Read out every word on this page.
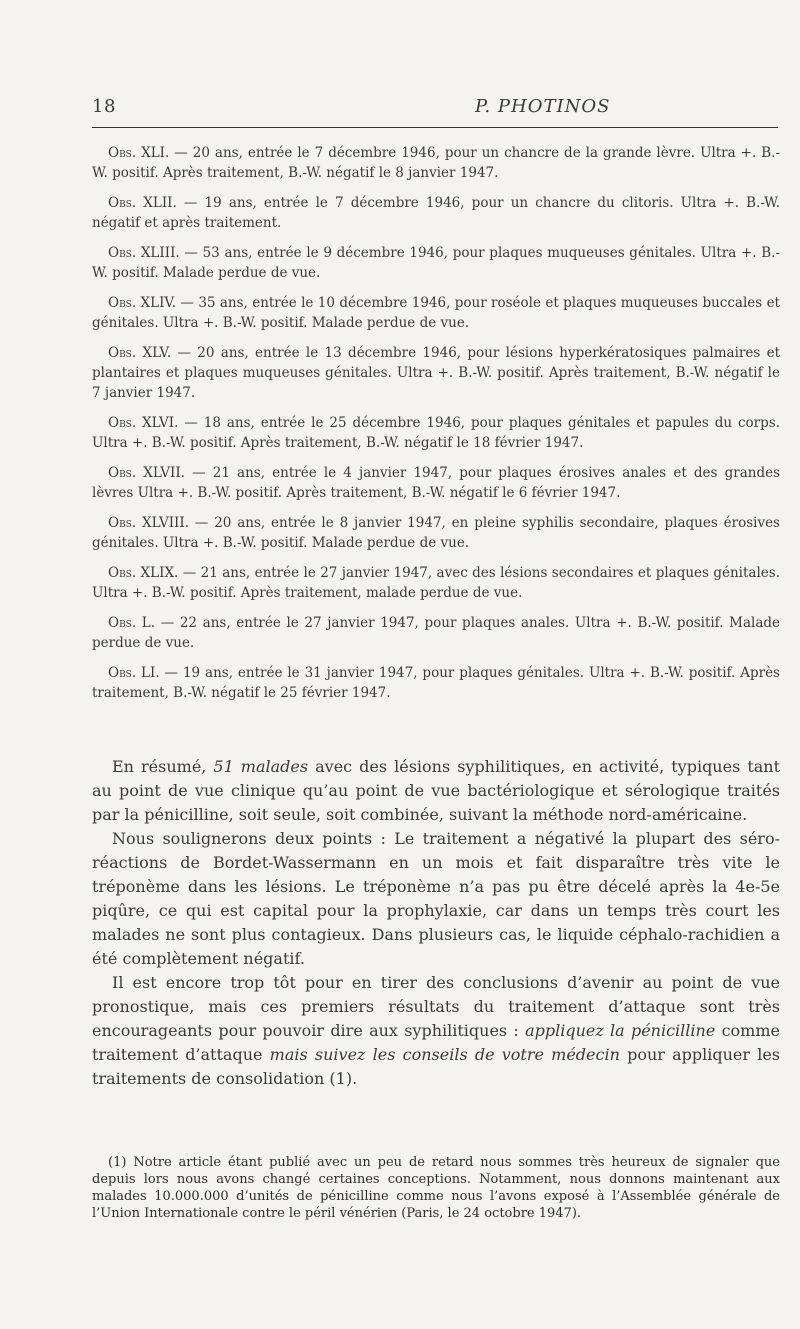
18	P. PHOTINOS

Obs. XLI. — 20 ans, entrée le 7 décembre 1946, pour un chancre de la grande lèvre. Ultra +. B.-W. positif. Après traitement, B.-W. négatif le 8 janvier 1947.

Obs. XLII. — 19 ans, entrée le 7 décembre 1946, pour un chancre du clitoris. Ultra +. B.-W. négatif et après traitement.

Obs. XLIII. — 53 ans, entrée le 9 décembre 1946, pour plaques muqueuses génitales. Ultra +. B.-W. positif. Malade perdue de vue.

Obs. XLIV. — 35 ans, entrée le 10 décembre 1946, pour roséole et plaques muqueuses buccales et génitales. Ultra +. B.-W. positif. Malade perdue de vue.

Obs. XLV. — 20 ans, entrée le 13 décembre 1946, pour lésions hyperkératosiques palmaires et plantaires et plaques muqueuses génitales. Ultra +. B.-W. positif. Après traitement, B.-W. négatif le 7 janvier 1947.

Obs. XLVI. — 18 ans, entrée le 25 décembre 1946, pour plaques génitales et papules du corps. Ultra +. B.-W. positif. Après traitement, B.-W. négatif le 18 février 1947.

Obs. XLVII. — 21 ans, entrée le 4 janvier 1947, pour plaques érosives anales et des grandes lèvres Ultra +. B.-W. positif. Après traitement, B.-W. négatif le 6 février 1947.

Obs. XLVIII. — 20 ans, entrée le 8 janvier 1947, en pleine syphilis secondaire, plaques érosives génitales. Ultra +. B.-W. positif. Malade perdue de vue.

Obs. XLIX. — 21 ans, entrée le 27 janvier 1947, avec des lésions secondaires et plaques génitales. Ultra +. B.-W. positif. Après traitement, malade perdue de vue.

Obs. L. — 22 ans, entrée le 27 janvier 1947, pour plaques anales. Ultra +. B.-W. positif. Malade perdue de vue.

Obs. LI. — 19 ans, entrée le 31 janvier 1947, pour plaques génitales. Ultra +. B.-W. positif. Après traitement, B.-W. négatif le 25 février 1947.

En résumé, 51 malades avec des lésions syphilitiques, en activité, typiques tant au point de vue clinique qu’au point de vue bactériologique et sérologique traités par la pénicilline, soit seule, soit combinée, suivant la méthode nord-américaine.

Nous soulignerons deux points : Le traitement a négativé la plupart des séro-réactions de Bordet-Wassermann en un mois et fait disparaître très vite le tréponème dans les lésions. Le tréponème n’a pas pu être décelé après la 4e-5e piqûre, ce qui est capital pour la prophylaxie, car dans un temps très court les malades ne sont plus contagieux. Dans plusieurs cas, le liquide céphalo-rachidien a été complètement négatif.

Il est encore trop tôt pour en tirer des conclusions d’avenir au point de vue pronostique, mais ces premiers résultats du traitement d’attaque sont très encourageants pour pouvoir dire aux syphilitiques : appliquez la pénicilline comme traitement d’attaque mais suivez les conseils de votre médecin pour appliquer les traitements de consolidation (1).

(1) Notre article étant publié avec un peu de retard nous sommes très heureux de signaler que depuis lors nous avons changé certaines conceptions. Notamment, nous donnons maintenant aux malades 10.000.000 d’unités de pénicilline comme nous l’avons exposé à l’Assemblée générale de l’Union Internationale contre le péril vénérien (Paris, le 24 octobre 1947).
